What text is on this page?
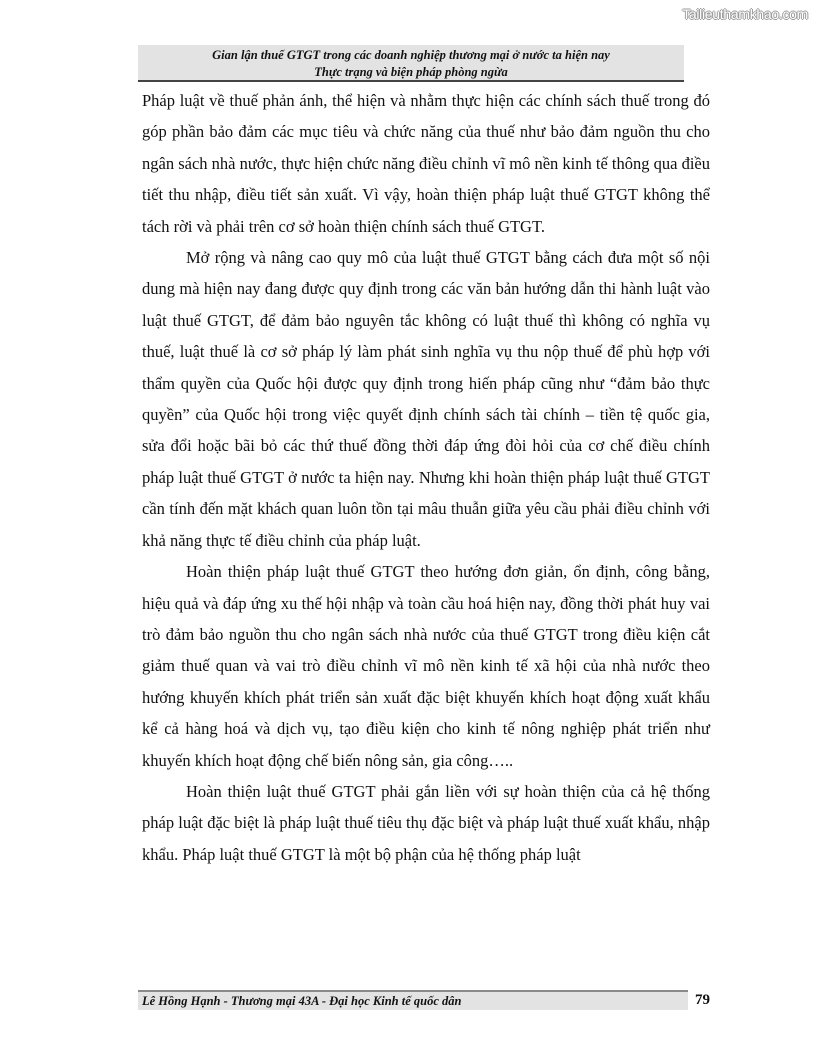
Tailieuthamkhao.com
Gian lận thuế GTGT trong các doanh nghiệp thương mại ở nước ta hiện nay
Thực trạng và biện pháp phòng ngừa

Pháp luật về thuế phản ánh, thể hiện và nhằm thực hiện các chính sách thuế trong đó góp phần bảo đảm các mục tiêu và chức năng của thuế như bảo đảm nguồn thu cho ngân sách nhà nước, thực hiện chức năng điều chỉnh vĩ mô nền kinh tế thông qua điều tiết thu nhập, điều tiết sản xuất. Vì vậy, hoàn thiện pháp luật thuế GTGT không thể tách rời và phải trên cơ sở hoàn thiện chính sách thuế GTGT.

Mở rộng và nâng cao quy mô của luật thuế GTGT bằng cách đưa một số nội dung mà hiện nay đang được quy định trong các văn bản hướng dẫn thi hành luật vào luật thuế GTGT, để đảm bảo nguyên tắc không có luật thuế thì không có nghĩa vụ thuế, luật thuế là cơ sở pháp lý làm phát sinh nghĩa vụ thu nộp thuế để phù hợp với thẩm quyền của Quốc hội được quy định trong hiến pháp cũng như “đảm bảo thực quyền” của Quốc hội trong việc quyết định chính sách tài chính – tiền tệ quốc gia, sửa đổi hoặc bãi bỏ các thứ thuế đồng thời đáp ứng đòi hỏi của cơ chế điều chính pháp luật thuế GTGT ở nước ta hiện nay. Nhưng khi hoàn thiện pháp luật thuế GTGT cần tính đến mặt khách quan luôn tồn tại mâu thuẫn giữa yêu cầu phải điều chỉnh với khả năng thực tế điều chỉnh của pháp luật.

Hoàn thiện pháp luật thuế GTGT theo hướng đơn giản, ổn định, công bằng, hiệu quả và đáp ứng xu thế hội nhập và toàn cầu hoá hiện nay, đồng thời phát huy vai trò đảm bảo nguồn thu cho ngân sách nhà nước của thuế GTGT trong điều kiện cắt giảm thuế quan và vai trò điều chỉnh vĩ mô nền kinh tế xã hội của nhà nước theo hướng khuyến khích phát triển sản xuất đặc biệt khuyến khích hoạt động xuất khẩu kể cả hàng hoá và dịch vụ, tạo điều kiện cho kinh tế nông nghiệp phát triển như khuyến khích hoạt động chế biến nông sản, gia công…..

Hoàn thiện luật thuế GTGT phải gắn liền với sự hoàn thiện của cả hệ thống pháp luật đặc biệt là pháp luật thuế tiêu thụ đặc biệt và pháp luật thuế xuất khẩu, nhập khẩu. Pháp luật thuế GTGT là một bộ phận của hệ thống pháp luật

Lê Hồng Hạnh - Thương mại 43A - Đại học Kinh tế quốc dân	79
